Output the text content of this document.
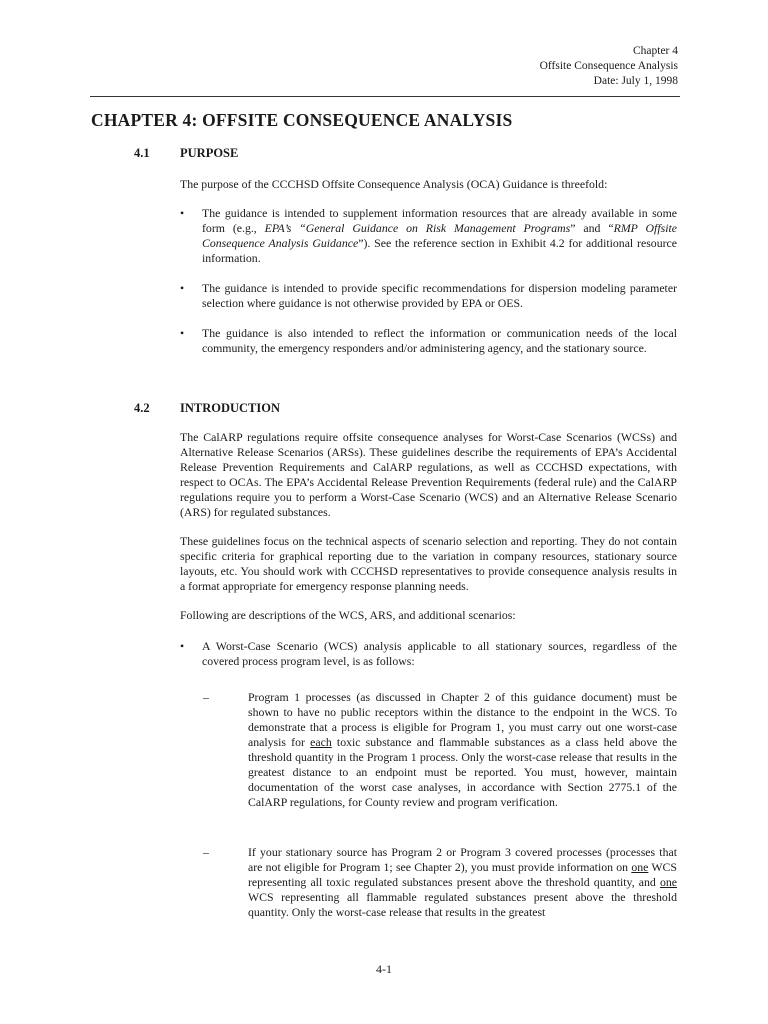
Chapter 4
Offsite Consequence Analysis
Date: July 1, 1998
CHAPTER 4: OFFSITE CONSEQUENCE ANALYSIS
4.1 PURPOSE

The purpose of the CCCHSD Offsite Consequence Analysis (OCA) Guidance is threefold:

• The guidance is intended to supplement information resources that are already available in some form (e.g., EPA’s “General Guidance on Risk Management Programs” and “RMP Offsite Consequence Analysis Guidance”). See the reference section in Exhibit 4.2 for additional resource information.
• The guidance is intended to provide specific recommendations for dispersion modeling parameter selection where guidance is not otherwise provided by EPA or OES.
• The guidance is also intended to reflect the information or communication needs of the local community, the emergency responders and/or administering agency, and the stationary source.
4.2 INTRODUCTION

The CalARP regulations require offsite consequence analyses for Worst-Case Scenarios (WCSs) and Alternative Release Scenarios (ARSs). These guidelines describe the requirements of EPA’s Accidental Release Prevention Requirements and CalARP regulations, as well as CCCHSD expectations, with respect to OCAs. The EPA’s Accidental Release Prevention Requirements (federal rule) and the CalARP regulations require you to perform a Worst-Case Scenario (WCS) and an Alternative Release Scenario (ARS) for regulated substances.

These guidelines focus on the technical aspects of scenario selection and reporting. They do not contain specific criteria for graphical reporting due to the variation in company resources, stationary source layouts, etc. You should work with CCCHSD representatives to provide consequence analysis results in a format appropriate for emergency response planning needs.

Following are descriptions of the WCS, ARS, and additional scenarios:

• A Worst-Case Scenario (WCS) analysis applicable to all stationary sources, regardless of the covered process program level, is as follows:
–	Program 1 processes (as discussed in Chapter 2 of this guidance document) must be shown to have no public receptors within the distance to the endpoint in the WCS. To demonstrate that a process is eligible for Program 1, you must carry out one worst-case analysis for each toxic substance and flammable substances as a class held above the threshold quantity in the Program 1 process. Only the worst-case release that results in the greatest distance to an endpoint must be reported. You must, however, maintain documentation of the worst case analyses, in accordance with Section 2775.1 of the CalARP regulations, for County review and program verification.
–	If your stationary source has Program 2 or Program 3 covered processes (processes that are not eligible for Program 1; see Chapter 2), you must provide information on one WCS representing all toxic regulated substances present above the threshold quantity, and one WCS representing all flammable regulated substances present above the threshold quantity. Only the worst-case release that results in the greatest
4-1
